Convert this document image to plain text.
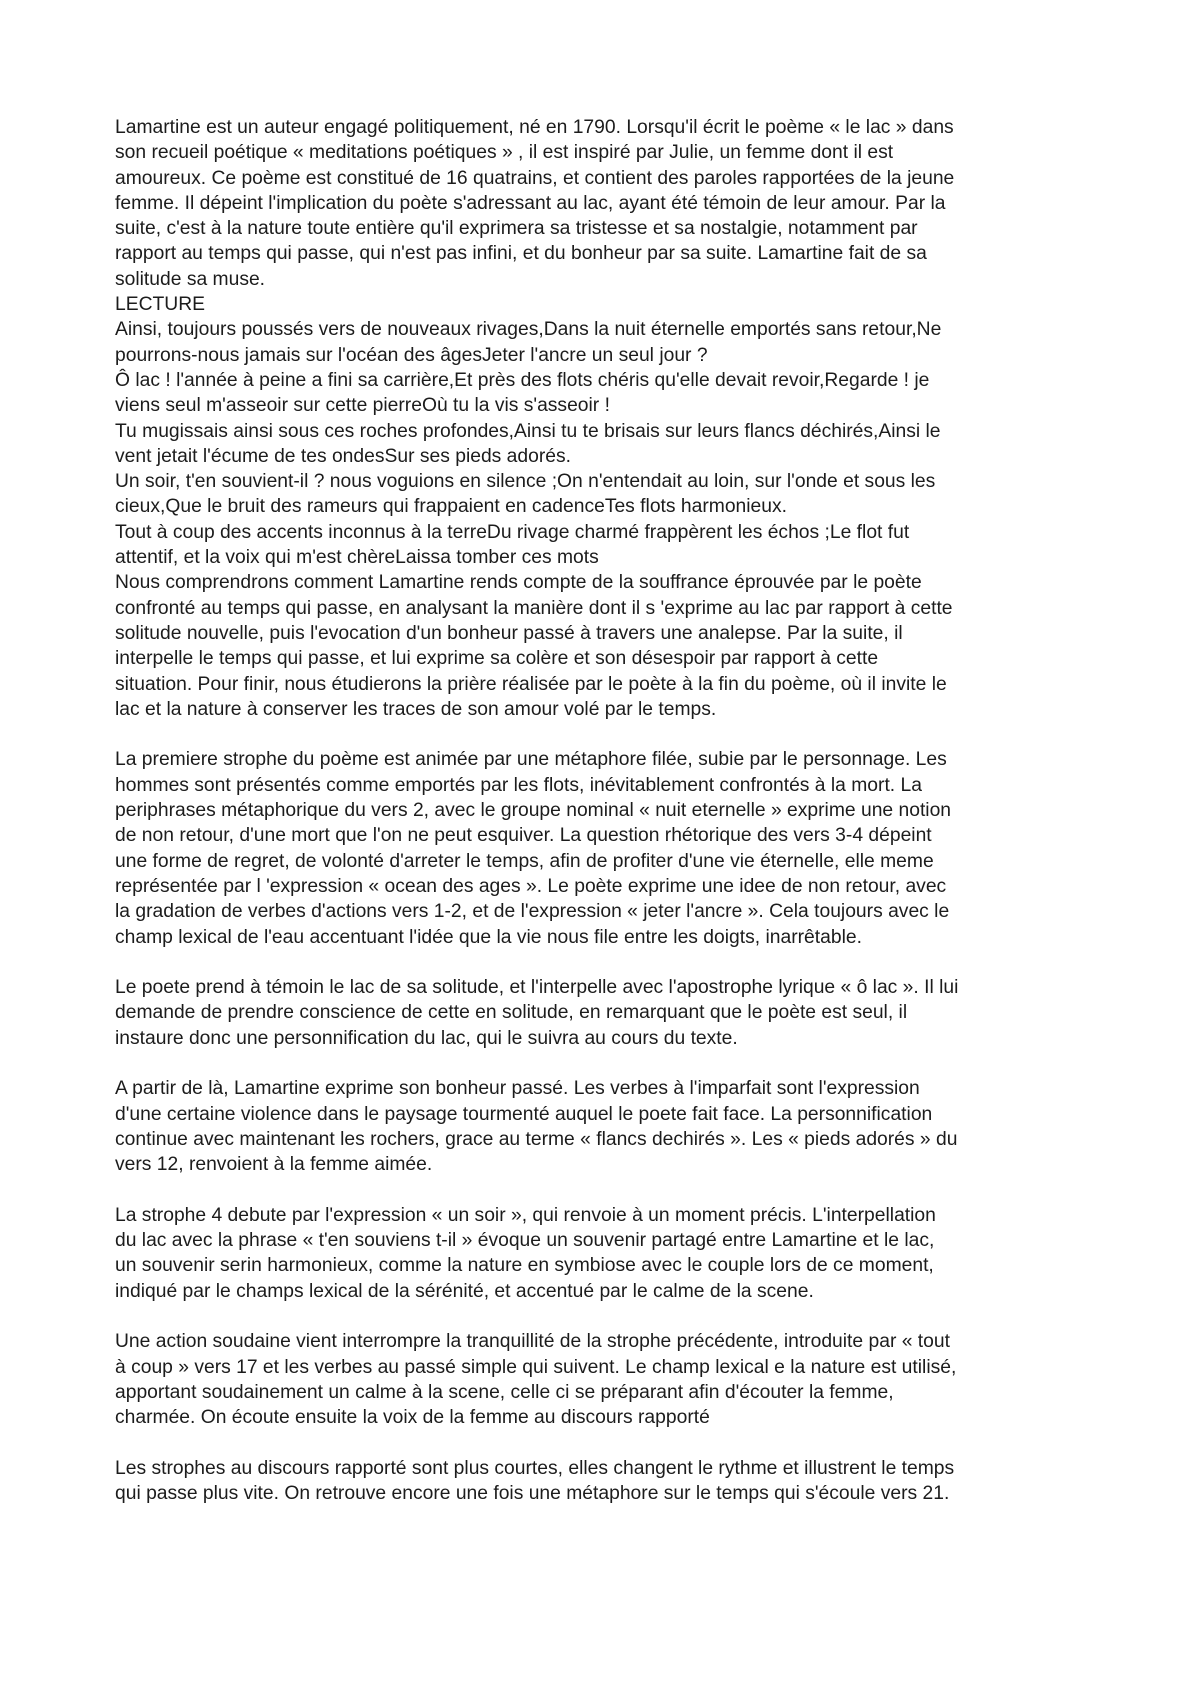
Lamartine est un auteur engagé politiquement, né en 1790. Lorsqu'il écrit le poème « le lac » dans

son recueil poétique « meditations poétiques » , il est inspiré par Julie, un femme dont il est

amoureux. Ce poème est constitué de 16 quatrains, et contient des paroles rapportées de la jeune

femme. Il dépeint l'implication du poète s'adressant au lac, ayant été témoin de leur amour. Par la

suite, c'est à la nature toute entière qu'il exprimera sa tristesse et sa nostalgie, notamment par

rapport au temps qui passe, qui n'est pas infini, et du bonheur par sa suite. Lamartine fait de sa

solitude sa muse.

LECTURE

Ainsi, toujours poussés vers de nouveaux rivages,Dans la nuit éternelle emportés sans retour,Ne

pourrons-nous jamais sur l'océan des âgesJeter l'ancre un seul jour ?

Ô lac ! l'année à peine a fini sa carrière,Et près des flots chéris qu'elle devait revoir,Regarde ! je

viens seul m'asseoir sur cette pierreOù tu la vis s'asseoir !

Tu mugissais ainsi sous ces roches profondes,Ainsi tu te brisais sur leurs flancs déchirés,Ainsi le

vent jetait l'écume de tes ondesSur ses pieds adorés.

Un soir, t'en souvient-il ? nous voguions en silence ;On n'entendait au loin, sur l'onde et sous les

cieux,Que le bruit des rameurs qui frappaient en cadenceTes flots harmonieux.

Tout à coup des accents inconnus à la terreDu rivage charmé frappèrent les échos ;Le flot fut

attentif, et la voix qui m'est chèreLaissa tomber ces mots

Nous comprendrons comment Lamartine rends compte de la souffrance éprouvée par le poète

confronté au temps qui passe, en analysant la manière dont il s 'exprime au lac par rapport à cette

solitude nouvelle, puis l'evocation d'un bonheur passé à travers une analepse. Par la suite, il

interpelle le temps qui passe, et lui exprime sa colère et son désespoir par rapport à cette

situation. Pour finir, nous étudierons la prière réalisée par le poète à la fin du poème, où il invite le

lac et la nature à conserver les traces de son amour volé par le temps.

La premiere strophe du poème est animée par une métaphore filée, subie par le personnage. Les

hommes sont présentés comme emportés par les flots, inévitablement confrontés à la mort. La

periphrases métaphorique du vers 2, avec le groupe nominal « nuit eternelle » exprime une notion

de non retour, d'une mort que l'on ne peut esquiver. La question rhétorique des vers 3-4 dépeint

une forme de regret, de volonté d'arreter le temps, afin de profiter d'une vie éternelle, elle meme

représentée par l 'expression « ocean des ages ». Le poète exprime une idee de non retour, avec

la gradation de verbes d'actions vers 1-2, et de l'expression « jeter l'ancre ». Cela toujours avec le

champ lexical de l'eau accentuant l'idée que la vie nous file entre les doigts, inarrêtable.

Le poete prend à témoin le lac de sa solitude, et l'interpelle avec l'apostrophe lyrique « ô lac ». Il lui

demande de prendre conscience de cette en solitude, en remarquant que le poète est seul, il

instaure donc une personnification du lac, qui le suivra au cours du texte.

A partir de là, Lamartine exprime son bonheur passé. Les verbes à l'imparfait sont l'expression

d'une certaine violence dans le paysage tourmenté auquel le poete fait face. La personnification

continue avec maintenant les rochers, grace au terme « flancs dechirés ». Les « pieds adorés » du

vers 12, renvoient à la femme aimée.

La strophe 4 debute par l'expression « un soir », qui renvoie à un moment précis. L'interpellation

du lac avec la phrase « t'en souviens t-il » évoque un souvenir partagé entre Lamartine et le lac,

un souvenir serin harmonieux, comme la nature en symbiose avec le couple lors de ce moment,

indiqué par le champs lexical de la sérénité, et accentué par le calme de la scene.

Une action soudaine vient interrompre la tranquillité de la strophe précédente, introduite par « tout

à coup » vers 17 et les verbes au passé simple qui suivent. Le champ lexical e la nature est utilisé,

apportant soudainement un calme à la scene, celle ci se préparant afin d'écouter la femme,

charmée. On écoute ensuite la voix de la femme au discours rapporté

Les strophes au discours rapporté sont plus courtes, elles changent le rythme et illustrent le temps

qui passe plus vite. On retrouve encore une fois une métaphore sur le temps qui s'écoule vers 21.
